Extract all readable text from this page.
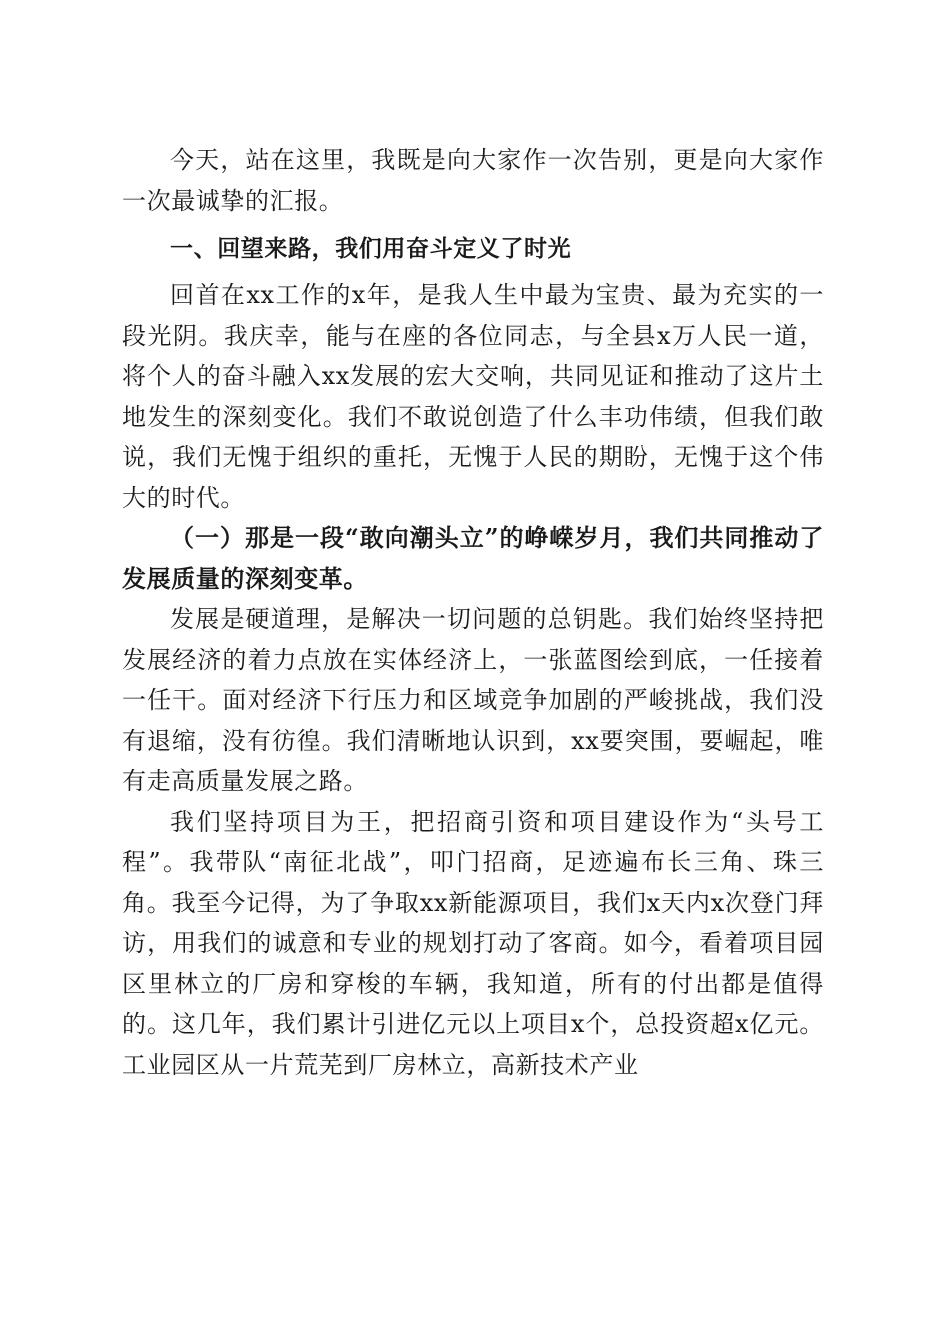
今天，站在这里，我既是向大家作一次告别，更是向大家作一次最诚挚的汇报。

一、回望来路，我们用奋斗定义了时光

回首在xx工作的x年，是我人生中最为宝贵、最为充实的一段光阴。我庆幸，能与在座的各位同志，与全县x万人民一道，将个人的奋斗融入xx发展的宏大交响，共同见证和推动了这片土地发生的深刻变化。我们不敢说创造了什么丰功伟绩，但我们敢说，我们无愧于组织的重托，无愧于人民的期盼，无愧于这个伟大的时代。

（一）那是一段“敢向潮头立”的峥嵘岁月，我们共同推动了发展质量的深刻变革。

发展是硬道理，是解决一切问题的总钥匙。我们始终坚持把发展经济的着力点放在实体经济上，一张蓝图绘到底，一任接着一任干。面对经济下行压力和区域竞争加剧的严峻挑战，我们没有退缩，没有彷徨。我们清晰地认识到，xx要突围，要崛起，唯有走高质量发展之路。

我们坚持项目为王，把招商引资和项目建设作为“头号工程”。我带队“南征北战”，叩门招商，足迹遍布长三角、珠三角。我至今记得，为了争取xx新能源项目，我们x天内x次登门拜访，用我们的诚意和专业的规划打动了客商。如今，看着项目园区里林立的厂房和穿梭的车辆，我知道，所有的付出都是值得的。这几年，我们累计引进亿元以上项目x个，总投资超x亿元。工业园区从一片荒芜到厂房林立，高新技术产业
